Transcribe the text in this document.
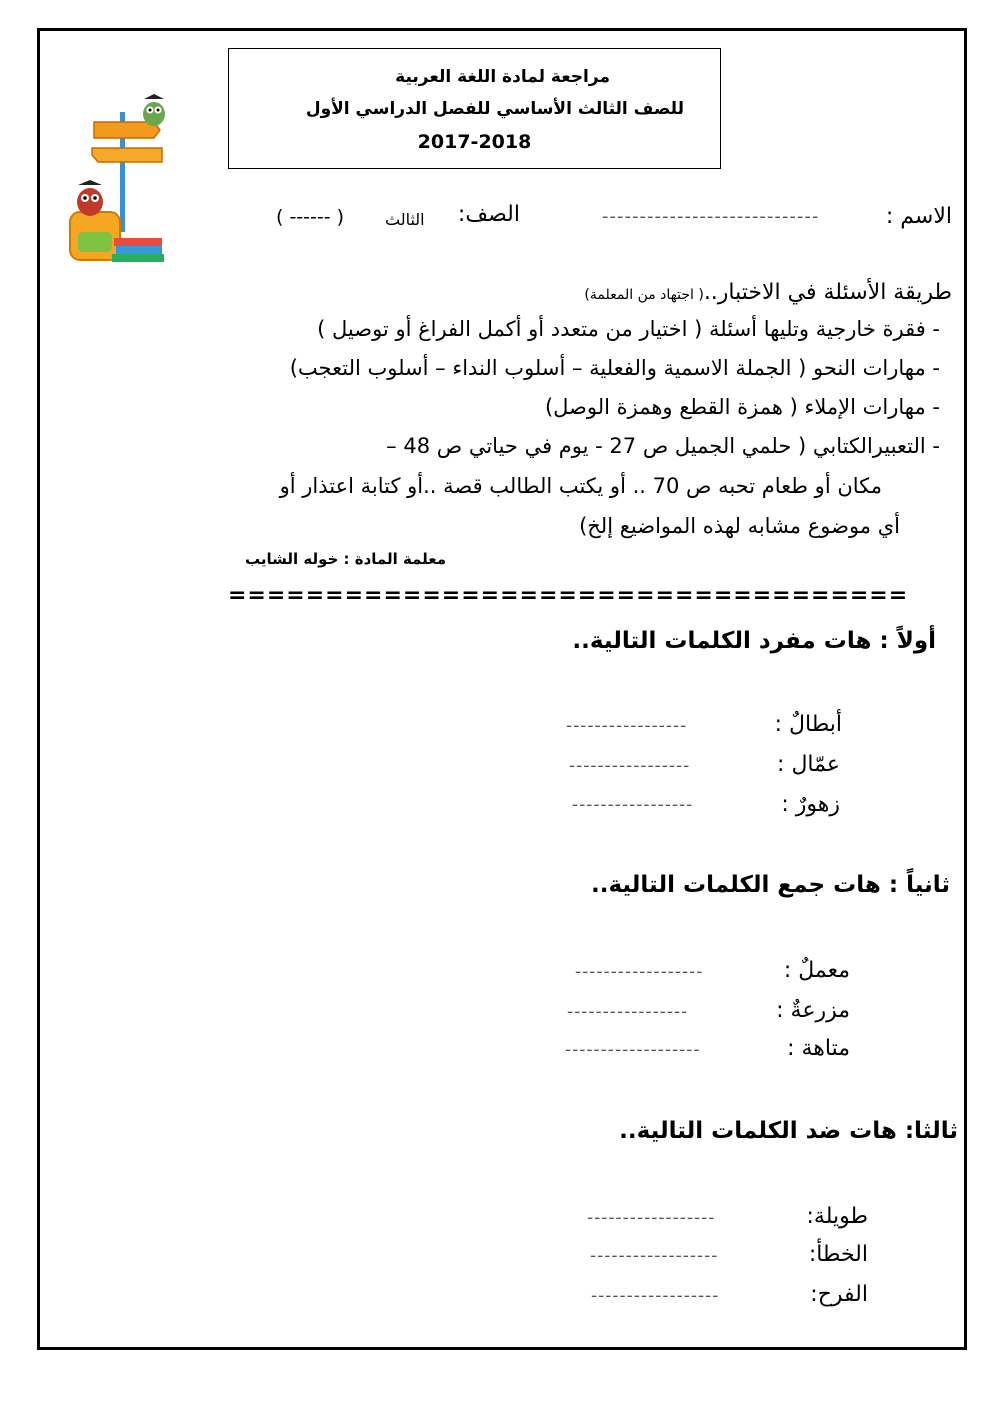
مراجعة لمادة اللغة العربية
للصف الثالث الأساسي للفصل الدراسي الأول
2017-2018
الاسم :
-----------------------------
الصف:
الثالث
( ------ )
طريقة الأسئلة في الاختبار..( اجتهاد من المعلمة)
- فقرة خارجية وتليها أسئلة ( اختيار من متعدد أو أكمل الفراغ أو توصيل )
- مهارات النحو ( الجملة الاسمية والفعلية – أسلوب النداء – أسلوب التعجب)
- مهارات الإملاء ( همزة القطع وهمزة الوصل)
- التعبيرالكتابي ( حلمي الجميل ص 27 - يوم في حياتي ص 48 –
مكان أو طعام تحبه ص 70 .. أو يكتب الطالب قصة ..أو كتابة اعتذار أو
أي موضوع مشابه لهذه المواضيع إلخ)
معلمة المادة : خوله الشايب
===================================
أولاً : هات مفرد الكلمات التالية..
أبطالٌ :
-----------------
عمّال :
-----------------
زهورٌ :
-----------------
ثانياً : هات جمع الكلمات التالية..
معملٌ :
------------------
مزرعةٌ :
-----------------
متاهة :
-------------------
ثالثا: هات ضد الكلمات التالية..
طويلة:
------------------
الخطأ:
------------------
الفرح:
------------------
